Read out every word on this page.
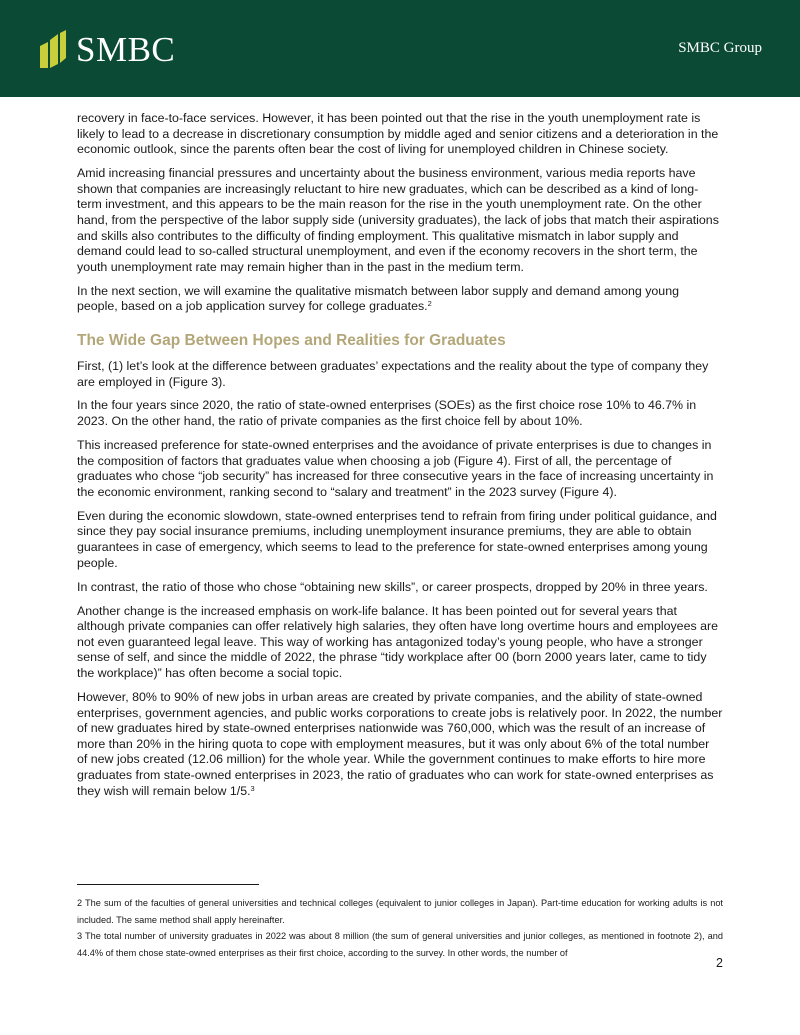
SMBC	SMBC Group

recovery in face-to-face services. However, it has been pointed out that the rise in the youth unemployment rate is likely to lead to a decrease in discretionary consumption by middle aged and senior citizens and a deterioration in the economic outlook, since the parents often bear the cost of living for unemployed children in Chinese society.

Amid increasing financial pressures and uncertainty about the business environment, various media reports have shown that companies are increasingly reluctant to hire new graduates, which can be described as a kind of long-term investment, and this appears to be the main reason for the rise in the youth unemployment rate. On the other hand, from the perspective of the labor supply side (university graduates), the lack of jobs that match their aspirations and skills also contributes to the difficulty of finding employment. This qualitative mismatch in labor supply and demand could lead to so-called structural unemployment, and even if the economy recovers in the short term, the youth unemployment rate may remain higher than in the past in the medium term.

In the next section, we will examine the qualitative mismatch between labor supply and demand among young people, based on a job application survey for college graduates.$^2$

The Wide Gap Between Hopes and Realities for Graduates

First, (1) let’s look at the difference between graduates’ expectations and the reality about the type of company they are employed in (Figure 3).

In the four years since 2020, the ratio of state-owned enterprises (SOEs) as the first choice rose 10% to 46.7% in 2023. On the other hand, the ratio of private companies as the first choice fell by about 10%.

This increased preference for state-owned enterprises and the avoidance of private enterprises is due to changes in the composition of factors that graduates value when choosing a job (Figure 4). First of all, the percentage of graduates who chose “job security” has increased for three consecutive years in the face of increasing uncertainty in the economic environment, ranking second to “salary and treatment” in the 2023 survey (Figure 4).

Even during the economic slowdown, state-owned enterprises tend to refrain from firing under political guidance, and since they pay social insurance premiums, including unemployment insurance premiums, they are able to obtain guarantees in case of emergency, which seems to lead to the preference for state-owned enterprises among young people.

In contrast, the ratio of those who chose “obtaining new skills”, or career prospects, dropped by 20% in three years.

Another change is the increased emphasis on work-life balance. It has been pointed out for several years that although private companies can offer relatively high salaries, they often have long overtime hours and employees are not even guaranteed legal leave. This way of working has antagonized today’s young people, who have a stronger sense of self, and since the middle of 2022, the phrase “tidy workplace after 00 (born 2000 years later, came to tidy the workplace)” has often become a social topic.

However, 80% to 90% of new jobs in urban areas are created by private companies, and the ability of state-owned enterprises, government agencies, and public works corporations to create jobs is relatively poor. In 2022, the number of new graduates hired by state-owned enterprises nationwide was 760,000, which was the result of an increase of more than 20% in the hiring quota to cope with employment measures, but it was only about 6% of the total number of new jobs created (12.06 million) for the whole year. While the government continues to make efforts to hire more graduates from state-owned enterprises in 2023, the ratio of graduates who can work for state-owned enterprises as they wish will remain below 1/5.$^3$

2 The sum of the faculties of general universities and technical colleges (equivalent to junior colleges in Japan). Part-time education for working adults is not included. The same method shall apply hereinafter.

3 The total number of university graduates in 2022 was about 8 million (the sum of general universities and junior colleges, as mentioned in footnote 2), and 44.4% of them chose state-owned enterprises as their first choice, according to the survey. In other words, the number of

2
